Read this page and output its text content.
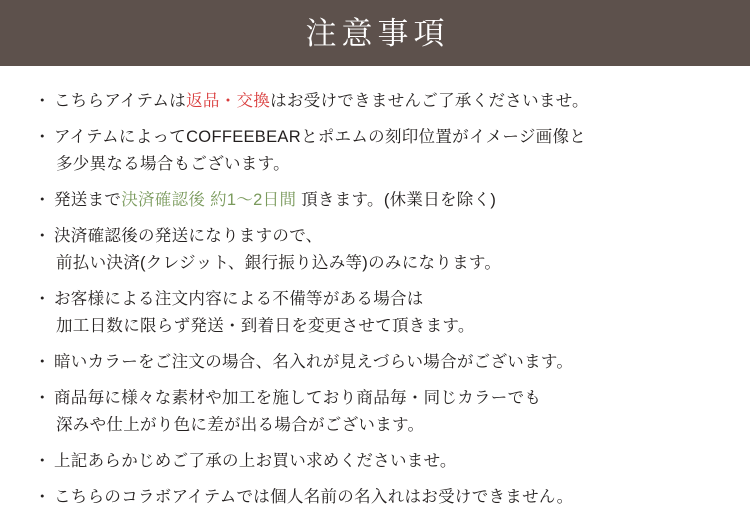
注意事項
・ こちらアイテムは返品・交換はお受けできませんご了承くださいませ。
・ アイテムによってCOFFEEBEARとポエムの刻印位置がイメージ画像と
多少異なる場合もございます。
・ 発送まで決済確認後 約1〜2日間 頂きます。(休業日を除く)
・ 決済確認後の発送になりますので、
前払い決済(クレジット、銀行振り込み等)のみになります。
・ お客様による注文内容による不備等がある場合は
加工日数に限らず発送・到着日を変更させて頂きます。
・ 暗いカラーをご注文の場合、名入れが見えづらい場合がございます。
・ 商品毎に様々な素材や加工を施しており商品毎・同じカラーでも
深みや仕上がり色に差が出る場合がございます。
・ 上記あらかじめご了承の上お買い求めくださいませ。
・ こちらのコラボアイテムでは個人名前の名入れはお受けできません。
